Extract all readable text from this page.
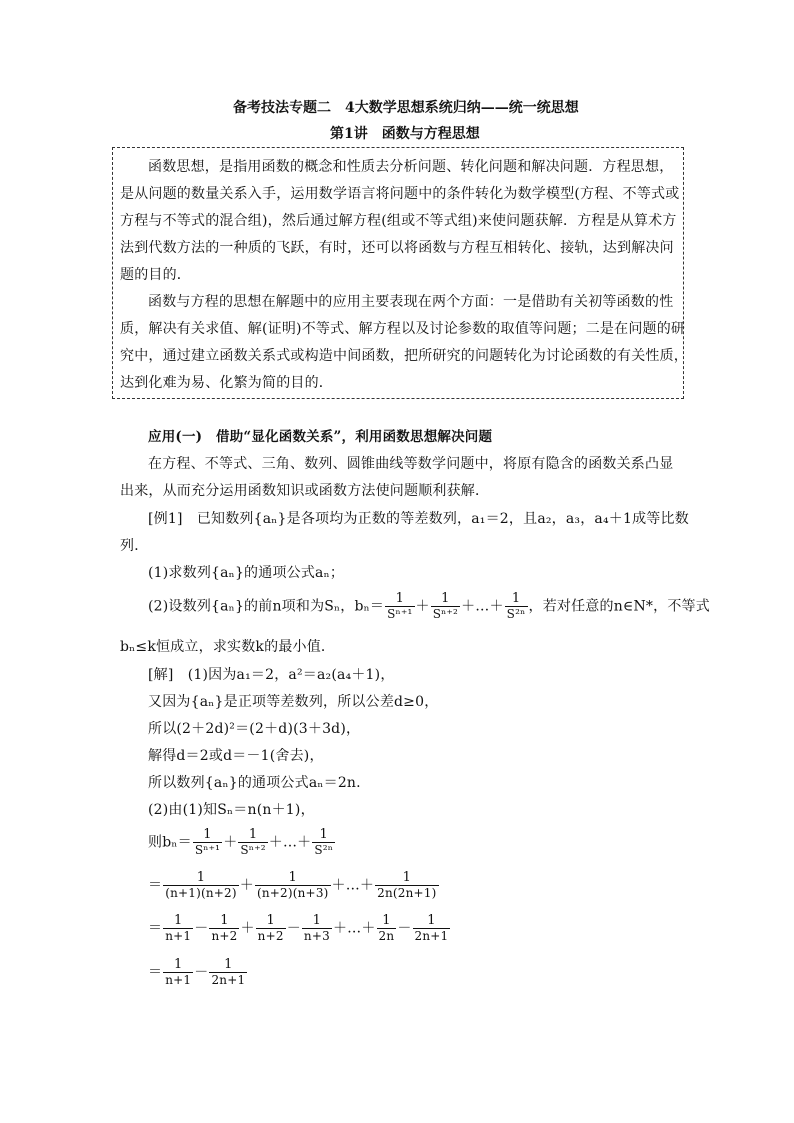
备考技法专题二　4大数学思想系统归纳——统一统思想
第1讲　函数与方程思想
函数思想，是指用函数的概念和性质去分析问题、转化问题和解决问题．方程思想，
是从问题的数量关系入手，运用数学语言将问题中的条件转化为数学模型(方程、不等式或
方程与不等式的混合组)，然后通过解方程(组或不等式组)来使问题获解．方程是从算术方
法到代数方法的一种质的飞跃，有时，还可以将函数与方程互相转化、接轨，达到解决问
题的目的．
函数与方程的思想在解题中的应用主要表现在两个方面：一是借助有关初等函数的性
质，解决有关求值、解(证明)不等式、解方程以及讨论参数的取值等问题；二是在问题的研
究中，通过建立函数关系式或构造中间函数，把所研究的问题转化为讨论函数的有关性质，
达到化难为易、化繁为简的目的．
应用(一)　借助“显化函数关系”，利用函数思想解决问题
在方程、不等式、三角、数列、圆锥曲线等数学问题中，将原有隐含的函数关系凸显
出来，从而充分运用函数知识或函数方法使问题顺利获解．
[例1]　已知数列{aₙ}是各项均为正数的等差数列，a₁＝2，且a₂，a₃，a₄＋1成等比数
列．
(1)求数列{aₙ}的通项公式aₙ；
(2)设数列{aₙ}的前n项和为Sₙ，$b_n= \frac{1}{\text{Sⁿ⁺¹}} + \frac{1}{\text{Sⁿ⁺²}}$ ＋…＋ $\frac{1}{\text{S²ⁿ}}$ ，若对任意的n∈N*，不等式
bₙ≤k恒成立，求实数k的最小值．
[解]　(1)因为a₁＝2，a²＝a₂(a₄＋1)，
又因为{aₙ}是正项等差数列，所以公差d≥0，
所以(2＋2d)²＝(2＋d)(3＋3d)，
解得d＝2或d＝－1(舍去)，
所以数列{aₙ}的通项公式aₙ＝2n.
(2)由(1)知Sₙ＝n(n＋1)，
则$b_n= \frac{1}{\text{Sⁿ⁺¹}} + \frac{1}{\text{Sⁿ⁺²}}$ ＋…＋ $\frac{1}{\text{S²ⁿ}}$
＝ $\frac{1}{(n+1)(n+2)} + \frac{1}{(n+2)(n+3)}$ ＋…＋ $\frac{1}{2n(2n+1)}$
＝ $\frac{1}{n+1} - \frac{1}{n+2} + \frac{1}{n+2} - \frac{1}{n+3}$ ＋…＋ $\frac{1}{2n} - \frac{1}{2n+1}$
＝ $\frac{1}{n+1} - \frac{1}{2n+1}$
